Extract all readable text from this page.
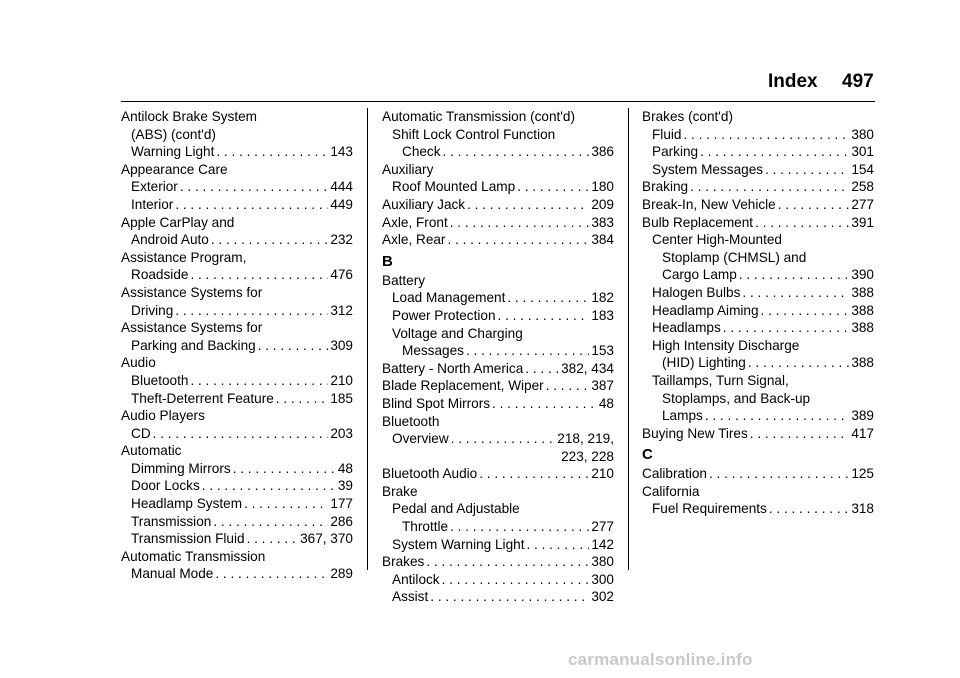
Index 497
Antilock Brake System
(ABS) (cont'd)
Warning Light . . .	143
Appearance Care
Exterior . . .	444
Interior . . .	449
Apple CarPlay and
Android Auto . . .	232
Assistance Program,
Roadside . . .	476
Assistance Systems for
Driving . . .	312
Assistance Systems for
Parking and Backing . . .	309
Audio
Bluetooth . . .	210
Theft-Deterrent Feature . . .	185
Audio Players
CD . . .	203
Automatic
Dimming Mirrors . . .	48
Door Locks . . .	39
Headlamp System . . .	177
Transmission . . .	286
Transmission Fluid . . .	367, 370
Automatic Transmission
Manual Mode . . .	289
Automatic Transmission (cont'd)
Shift Lock Control Function
Check . . .	386
Auxiliary
Roof Mounted Lamp . . .	180
Auxiliary Jack . . .	209
Axle, Front . . .	383
Axle, Rear . . .	384
B
Battery
Load Management . . .	182
Power Protection . . .	183
Voltage and Charging
Messages . . .	153
Battery - North America . . .	382, 434
Blade Replacement, Wiper . . .	387
Blind Spot Mirrors . . .	48
Bluetooth
Overview . . .	218, 219,
223, 228
Bluetooth Audio . . .	210
Brake
Pedal and Adjustable
Throttle . . .	277
System Warning Light . . .	142
Brakes . . .	380
Antilock . . .	300
Assist . . .	302
Brakes (cont'd)
Fluid . . .	380
Parking . . .	301
System Messages . . .	154
Braking . . .	258
Break-In, New Vehicle . . .	277
Bulb Replacement . . .	391
Center High-Mounted
Stoplamp (CHMSL) and
Cargo Lamp . . .	390
Halogen Bulbs . . .	388
Headlamp Aiming . . .	388
Headlamps . . .	388
High Intensity Discharge
(HID) Lighting . . .	388
Taillamps, Turn Signal,
Stoplamps, and Back-up
Lamps . . .	389
Buying New Tires . . .	417
C
Calibration . . .	125
California
Fuel Requirements . . .	318
carmanualsonline.info
